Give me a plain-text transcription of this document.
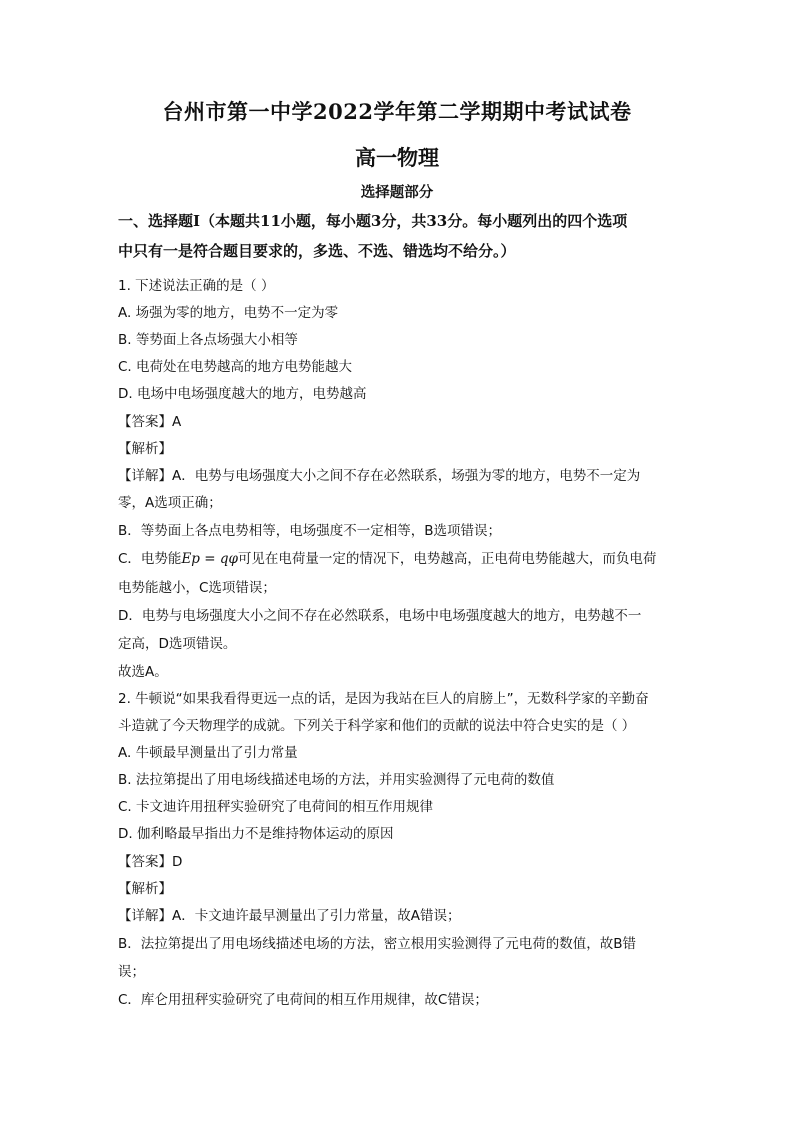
台州市第一中学2022学年第二学期期中考试试卷
高一物理
选择题部分
一、选择题Ⅰ（本题共11小题，每小题3分，共33分。每小题列出的四个选项
中只有一是符合题目要求的，多选、不选、错选均不给分。）
1. 下述说法正确的是（ ）
A. 场强为零的地方，电势不一定为零
B. 等势面上各点场强大小相等
C. 电荷处在电势越高的地方电势能越大
D. 电场中电场强度越大的地方，电势越高
【答案】A
【解析】
【详解】A．电势与电场强度大小之间不存在必然联系，场强为零的地方，电势不一定为
零，A选项正确；
B．等势面上各点电势相等，电场强度不一定相等，B选项错误；
C．电势能Ep = qφ可见在电荷量一定的情况下，电势越高，正电荷电势能越大，而负电荷
电势能越小，C选项错误；
D．电势与电场强度大小之间不存在必然联系，电场中电场强度越大的地方，电势越不一
定高，D选项错误。
故选A。
2. 牛顿说“如果我看得更远一点的话，是因为我站在巨人的肩膀上”，无数科学家的辛勤奋
斗造就了今天物理学的成就。下列关于科学家和他们的贡献的说法中符合史实的是（ ）
A. 牛顿最早测量出了引力常量
B. 法拉第提出了用电场线描述电场的方法，并用实验测得了元电荷的数值
C. 卡文迪许用扭秤实验研究了电荷间的相互作用规律
D. 伽利略最早指出力不是维持物体运动的原因
【答案】D
【解析】
【详解】A．卡文迪许最早测量出了引力常量，故A错误；
B．法拉第提出了用电场线描述电场的方法，密立根用实验测得了元电荷的数值，故B错
误；
C．库仑用扭秤实验研究了电荷间的相互作用规律，故C错误；
